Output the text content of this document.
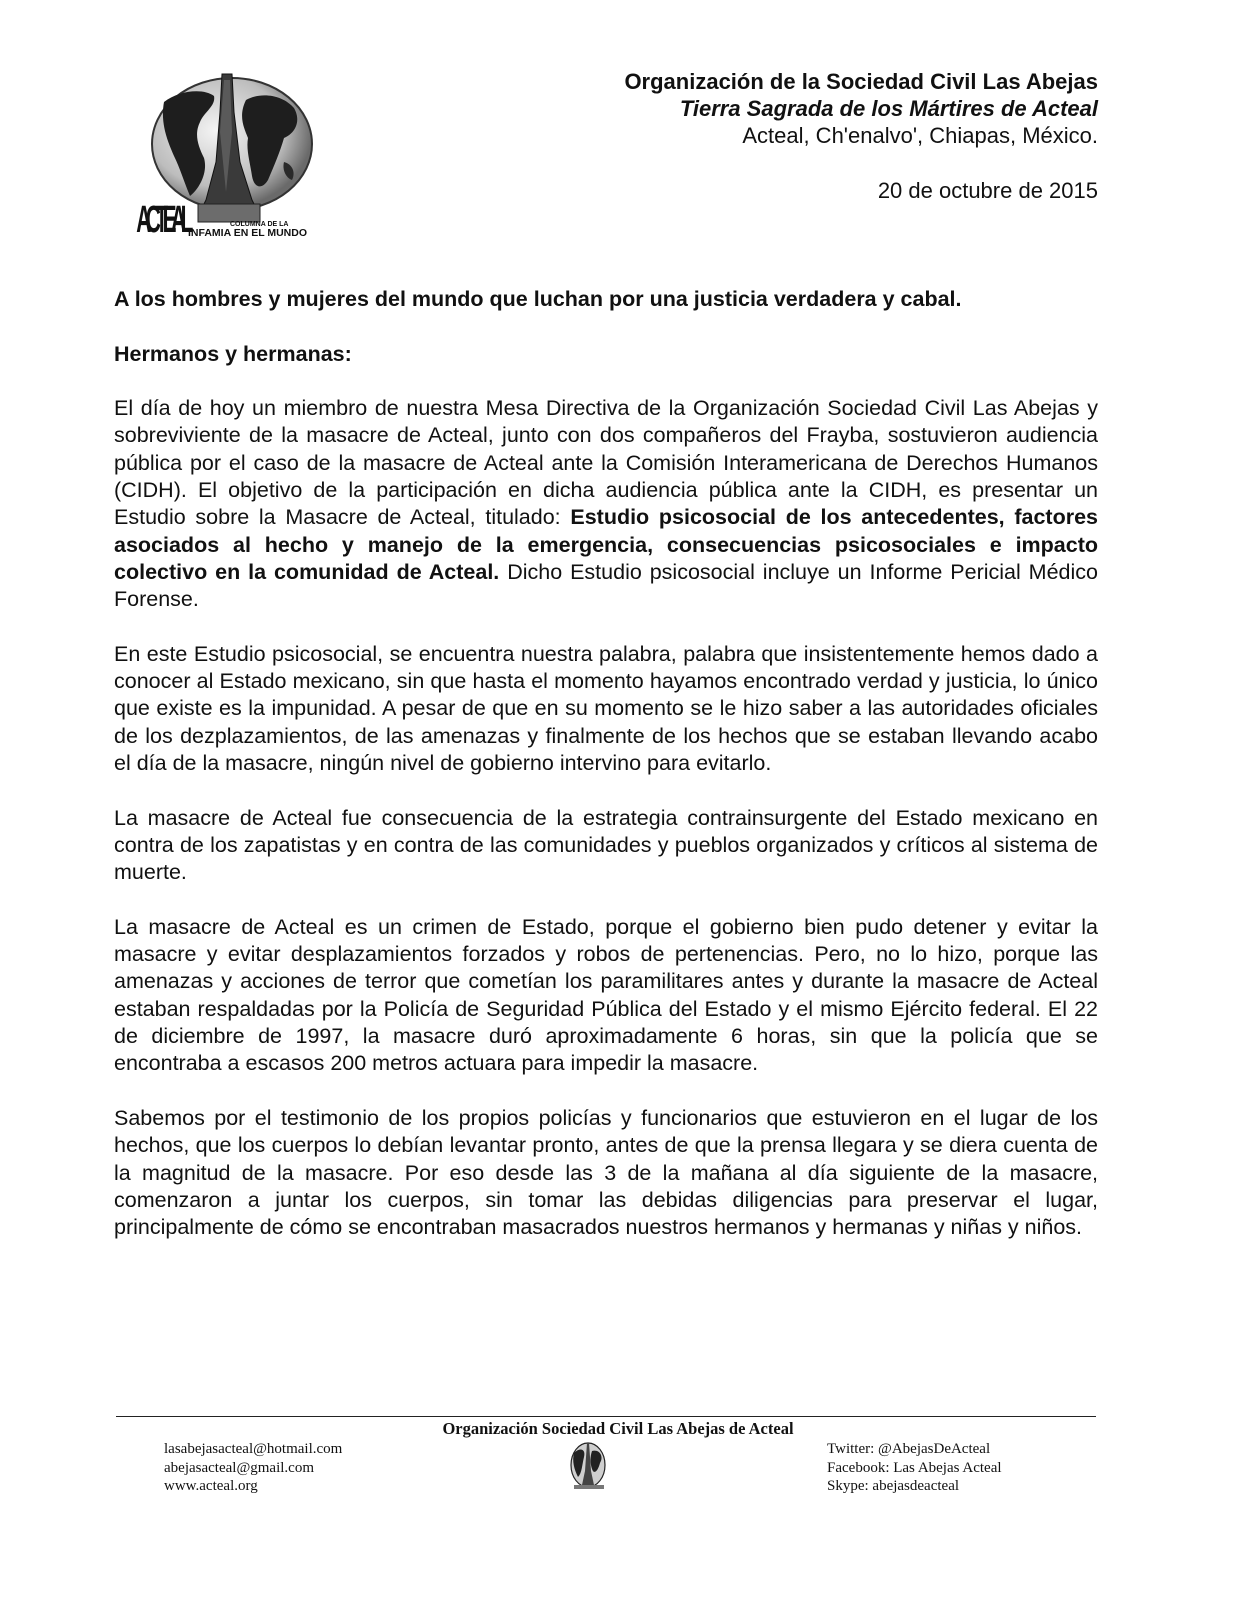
ACTEAL	COLUMNA DE LA
INFAMIA EN EL MUNDO
Organización de la Sociedad Civil Las Abejas
Tierra Sagrada de los Mártires de Acteal
Acteal, Ch'enalvo', Chiapas, México.
20 de octubre de 2015

A los hombres y mujeres del mundo que luchan por una justicia verdadera y cabal.

Hermanos y hermanas:

El día de hoy un miembro de nuestra Mesa Directiva de la Organización Sociedad Civil Las Abejas y sobreviviente de la masacre de Acteal, junto con dos compañeros del Frayba, sostuvieron audiencia pública por el caso de la masacre de Acteal ante la Comisión Interamericana de Derechos Humanos (CIDH). El objetivo de la participación en dicha audiencia pública ante la CIDH, es presentar un Estudio sobre la Masacre de Acteal, titulado: Estudio psicosocial de los antecedentes, factores asociados al hecho y manejo de la emergencia, consecuencias psicosociales e impacto colectivo en la comunidad de Acteal. Dicho Estudio psicosocial incluye un Informe Pericial Médico Forense.

En este Estudio psicosocial, se encuentra nuestra palabra, palabra que insistentemente hemos dado a conocer al Estado mexicano, sin que hasta el momento hayamos encontrado verdad y justicia, lo único que existe es la impunidad. A pesar de que en su momento se le hizo saber a las autoridades oficiales de los dezplazamientos, de las amenazas y finalmente de los hechos que se estaban llevando acabo el día de la masacre, ningún nivel de gobierno intervino para evitarlo.

La masacre de Acteal fue consecuencia de la estrategia contrainsurgente del Estado mexicano en contra de los zapatistas y en contra de las comunidades y pueblos organizados y críticos al sistema de muerte.

La masacre de Acteal es un crimen de Estado, porque el gobierno bien pudo detener y evitar la masacre y evitar desplazamientos forzados y robos de pertenencias. Pero, no lo hizo, porque las amenazas y acciones de terror que cometían los paramilitares antes y durante la masacre de Acteal estaban respaldadas por la Policía de Seguridad Pública del Estado y el mismo Ejército federal. El 22 de diciembre de 1997, la masacre duró aproximadamente 6 horas, sin que la policía que se encontraba a escasos 200 metros actuara para impedir la masacre.

Sabemos por el testimonio de los propios policías y funcionarios que estuvieron en el lugar de los hechos, que los cuerpos lo debían levantar pronto, antes de que la prensa llegara y se diera cuenta de la magnitud de la masacre. Por eso desde las 3 de la mañana al día siguiente de la masacre, comenzaron a juntar los cuerpos, sin tomar las debidas diligencias para preservar el lugar, principalmente de cómo se encontraban masacrados nuestros hermanos y hermanas y niñas y niños.

Organización Sociedad Civil Las Abejas de Acteal
lasabejasacteal@hotmail.com
abejasacteal@gmail.com
www.acteal.org
Twitter: @AbejasDeActeal
Facebook: Las Abejas Acteal
Skype: abejasdeacteal
